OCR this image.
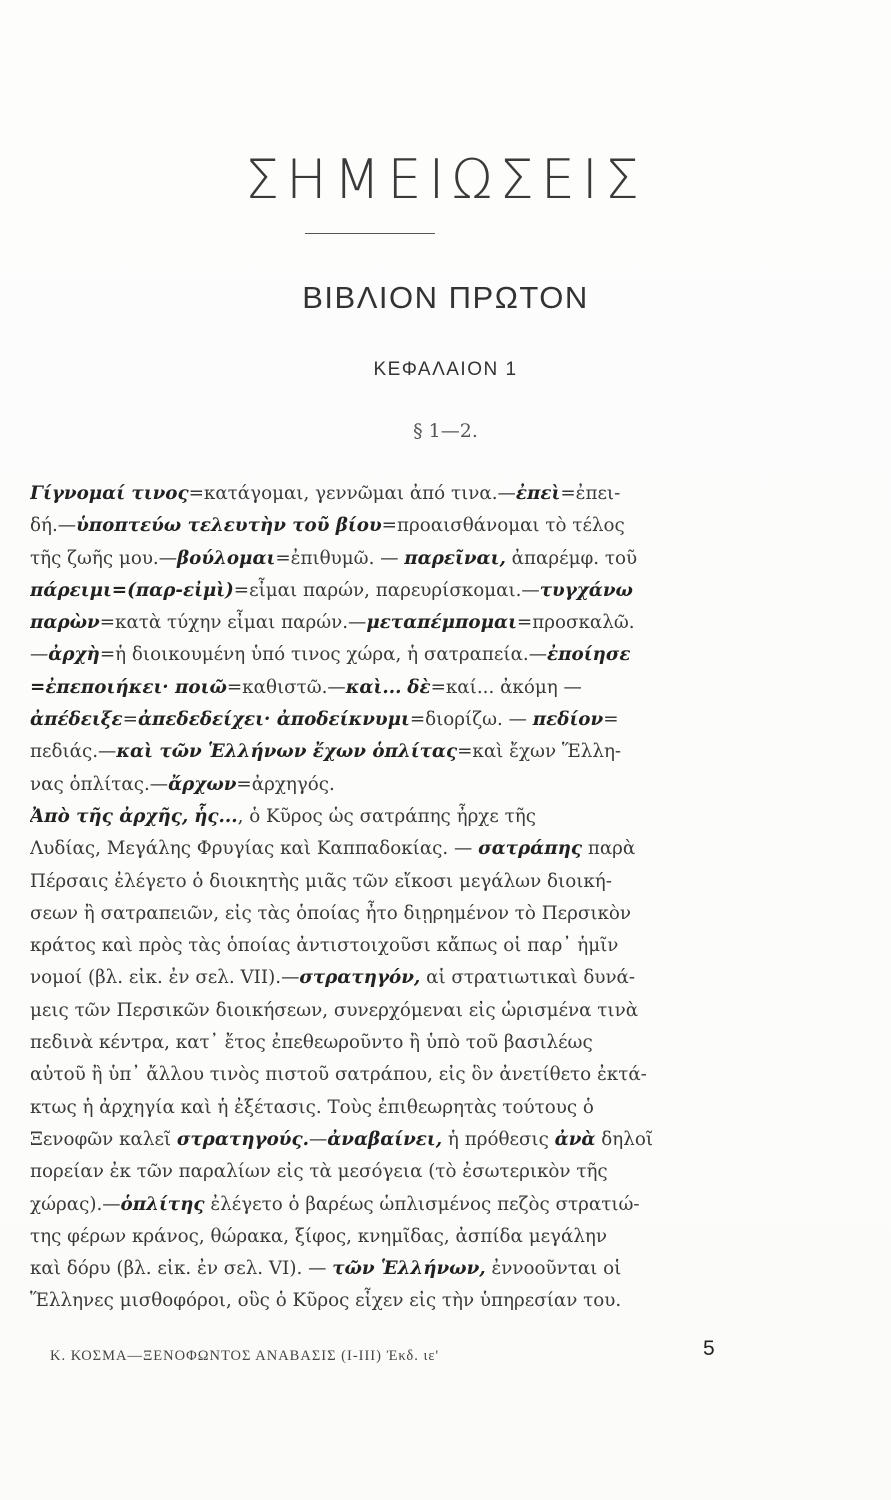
ΣΗΜΕΙΩΣΕΙΣ
ΒΙΒΛΙΟΝ ΠΡΩΤΟΝ
ΚΕΦΑΛΑΙΟΝ 1
§ 1—2.
Γίγνομαί τινος=κατάγομαι, γεννῶμαι ἀπό τινα.—ἐπεὶ=ἐπει-
δή.—ὑποπτεύω τελευτὴν τοῦ βίου=προαισθάνομαι τὸ τέλος
τῆς ζωῆς μου.—βούλομαι=ἐπιθυμῶ. — παρεῖναι, ἀπαρέμφ. τοῦ
πάρειμι=(παρ-εἰμὶ)=εἶμαι παρών, παρευρίσκομαι.—τυγχάνω
παρὼν=κατὰ τύχην εἶμαι παρών.—μεταπέμπομαι=προσκαλῶ.
—ἀρχὴ=ἡ διοικουμένη ὑπό τινος χώρα, ἡ σατραπεία.—ἐποίησε
=ἐπεποιήκει· ποιῶ=καθιστῶ.—καὶ... δὲ=καί... ἀκόμη —
ἀπέδειξε=ἀπεδεδείχει· ἀποδείκνυμι=διορίζω. — πεδίον=
πεδιάς.—καὶ τῶν Ἑλλήνων ἔχων ὁπλίτας=καὶ ἔχων Ἕλλη-
νας ὁπλίτας.—ἄρχων=ἀρχηγός.
Ἀπὸ τῆς ἀρχῆς, ἧς..., ὁ Κῦρος ὡς σατράπης ἦρχε τῆς
Λυδίας, Μεγάλης Φρυγίας καὶ Καππαδοκίας. — σατράπης παρὰ
Πέρσαις ἐλέγετο ὁ διοικητὴς μιᾶς τῶν εἴκοσι μεγάλων διοική-
σεων ἢ σατραπειῶν, εἰς τὰς ὁποίας ἦτο διῃρημένον τὸ Περσικὸν
κράτος καὶ πρὸς τὰς ὁποίας ἀντιστοιχοῦσι κἄπως οἱ παρ᾿ ἡμῖν
νομοί (βλ. εἰκ. ἐν σελ. VII).—στρατηγόν, αἱ στρατιωτικαὶ δυνά-
μεις τῶν Περσικῶν διοικήσεων, συνερχόμεναι εἰς ὡρισμένα τινὰ
πεδινὰ κέντρα, κατ᾿ ἔτος ἐπεθεωροῦντο ἢ ὑπὸ τοῦ βασιλέως
αὐτοῦ ἢ ὑπ᾿ ἄλλου τινὸς πιστοῦ σατράπου, εἰς ὃν ἀνετίθετο ἐκτά-
κτως ἡ ἀρχηγία καὶ ἡ ἐξέτασις. Τοὺς ἐπιθεωρητὰς τούτους ὁ
Ξενοφῶν καλεῖ στρατηγούς.—ἀναβαίνει, ἡ πρόθεσις ἀνὰ δηλοῖ
πορείαν ἐκ τῶν παραλίων εἰς τὰ μεσόγεια (τὸ ἐσωτερικὸν τῆς
χώρας).—ὁπλίτης ἐλέγετο ὁ βαρέως ὡπλισμένος πεζὸς στρατιώ-
της φέρων κράνος, θώρακα, ξίφος, κνημῖδας, ἀσπίδα μεγάλην
καὶ δόρυ (βλ. εἰκ. ἐν σελ. VI). — τῶν Ἑλλήνων, ἐννοοῦνται οἱ
Ἕλληνες μισθοφόροι, οὓς ὁ Κῦρος εἶχεν εἰς τὴν ὑπηρεσίαν του.
Κ. ΚΟΣΜΑ—ΞΕΝΟΦΩΝΤΟΣ ΑΝΑΒΑΣΙΣ (Ι-ΙΙΙ) Ἐκδ. ιε'	5
